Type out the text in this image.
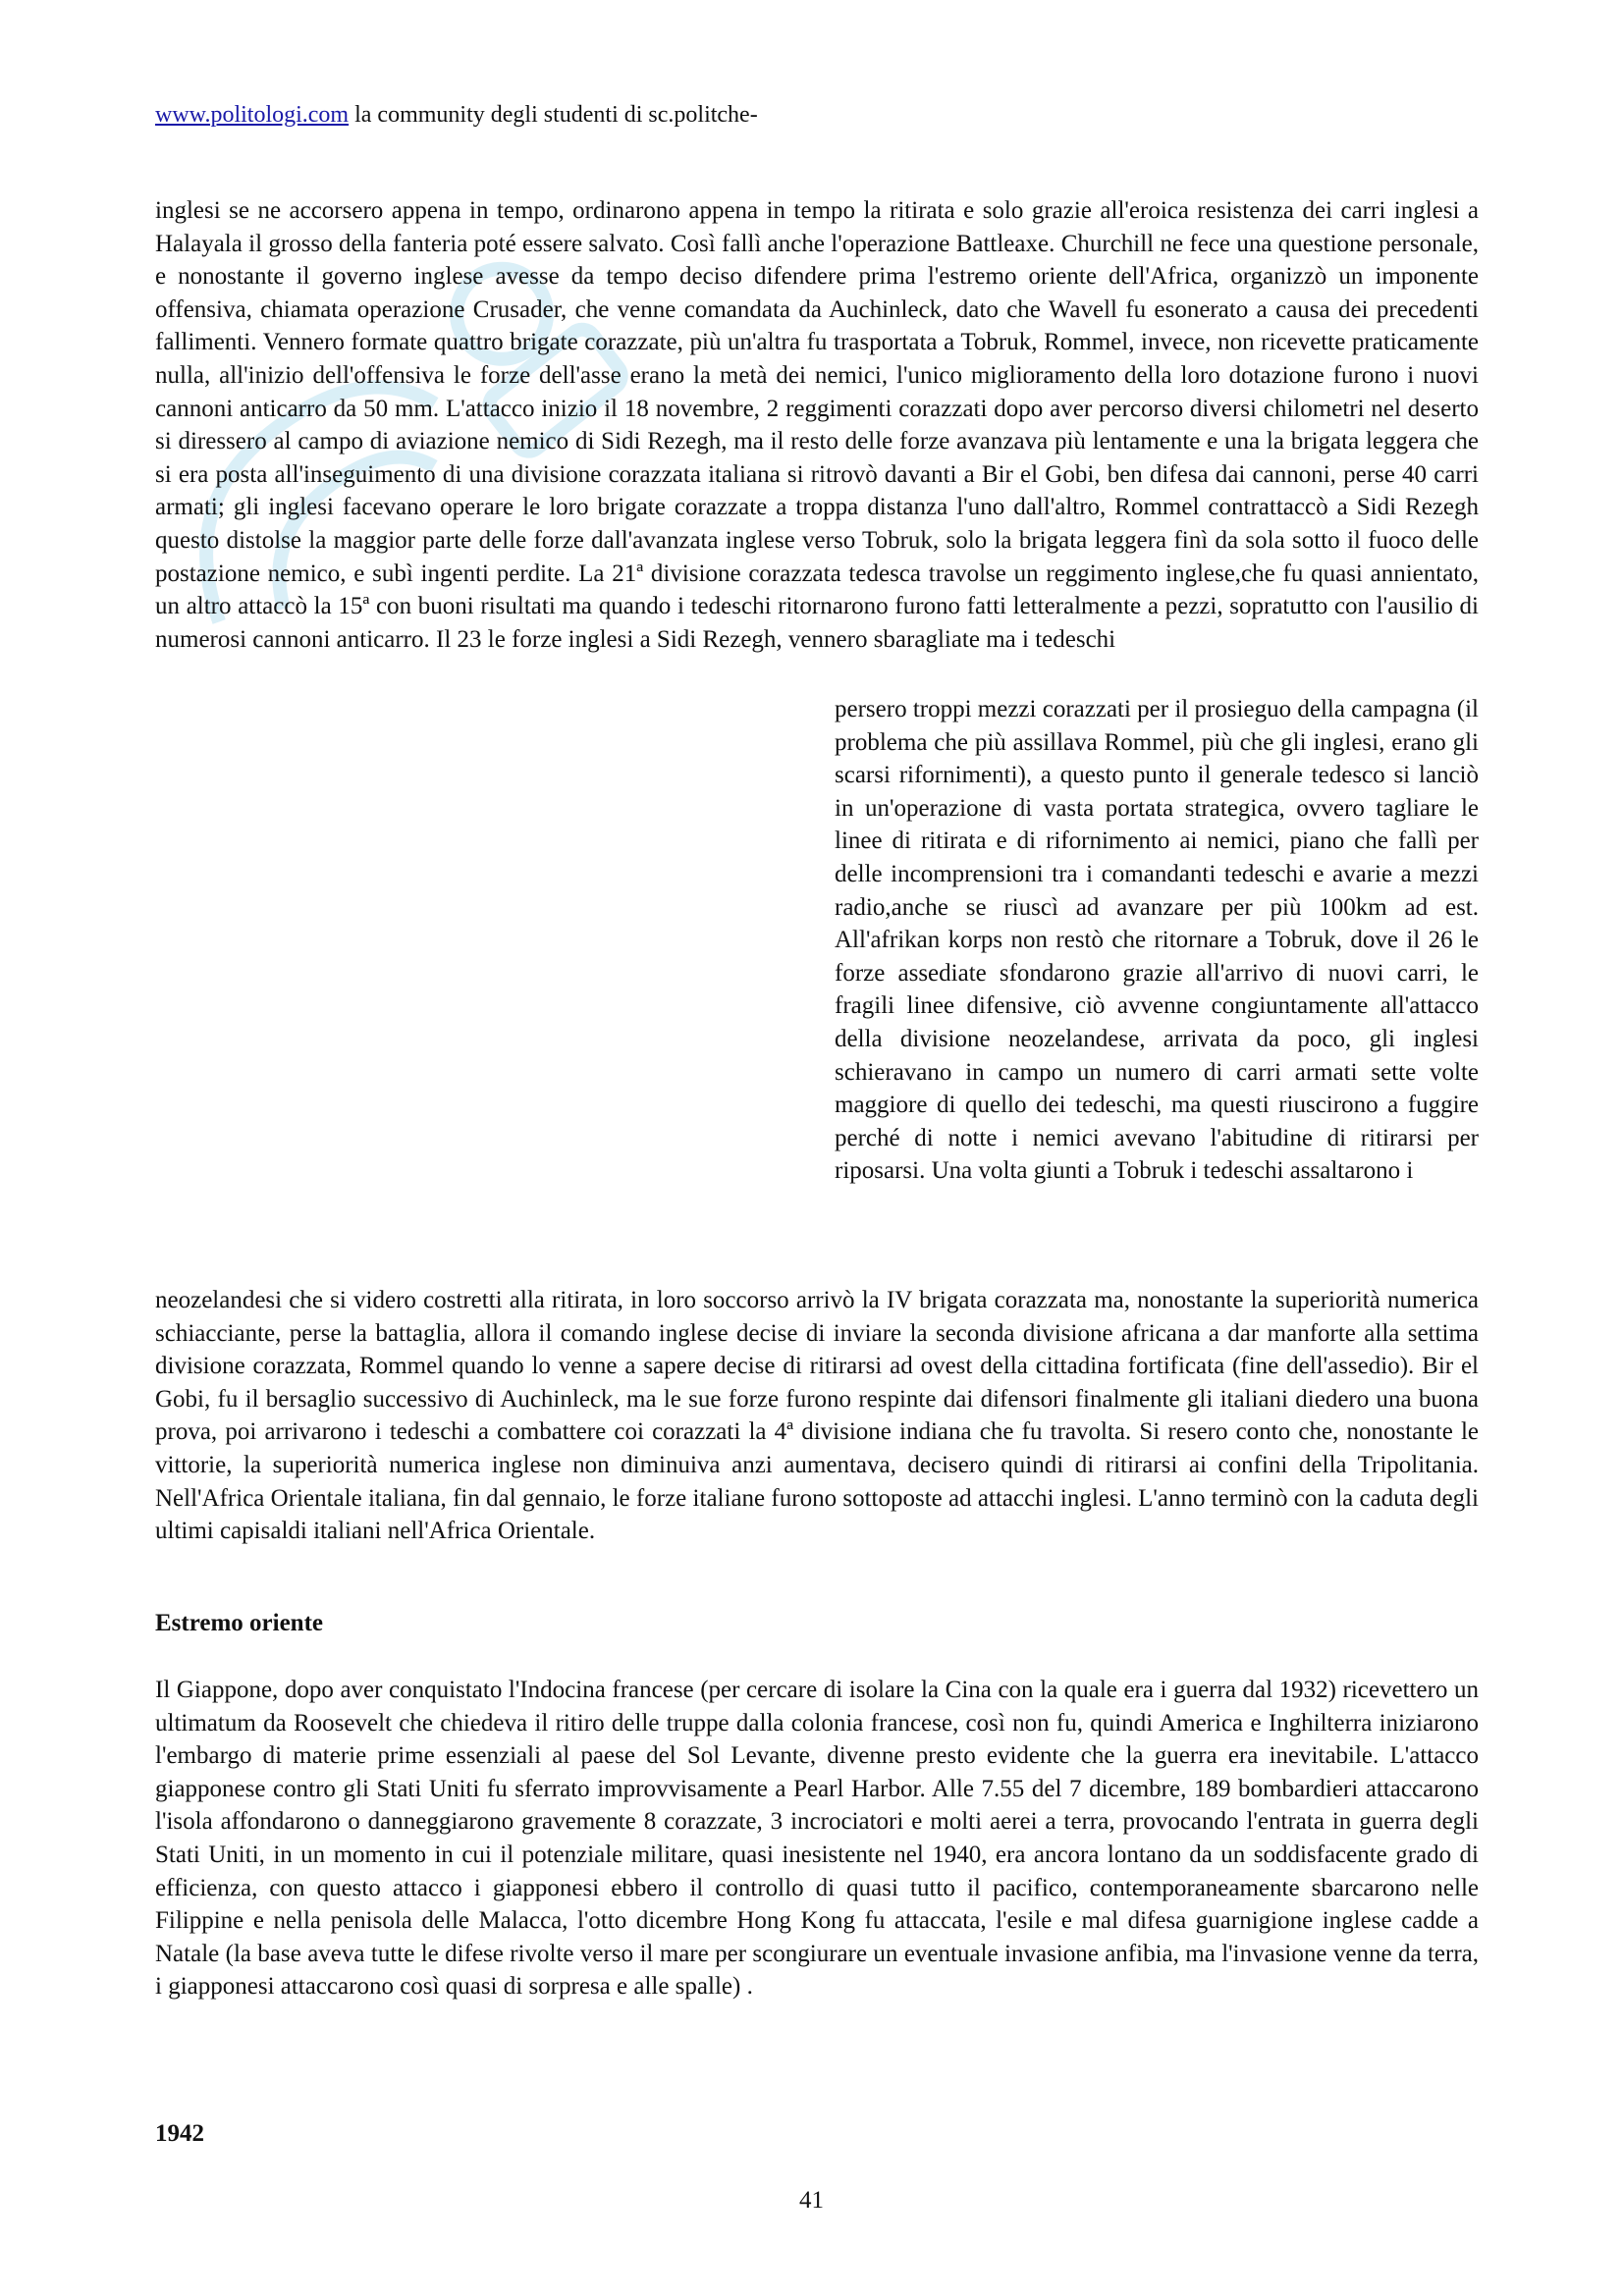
www.politologi.com la community degli studenti di sc.politche-

inglesi se ne accorsero appena in tempo, ordinarono appena in tempo la ritirata e solo grazie all'eroica resistenza dei carri inglesi a Halayala il grosso della fanteria poté essere salvato. Così fallì anche l'operazione Battleaxe. Churchill ne fece una questione personale, e nonostante il governo inglese avesse da tempo deciso difendere prima l'estremo oriente dell'Africa, organizzò un imponente offensiva, chiamata operazione Crusader, che venne comandata da Auchinleck, dato che Wavell fu esonerato a causa dei precedenti fallimenti. Vennero formate quattro brigate corazzate, più un'altra fu trasportata a Tobruk, Rommel, invece, non ricevette praticamente nulla, all'inizio dell'offensiva le forze dell'asse erano la metà dei nemici, l'unico miglioramento della loro dotazione furono i nuovi cannoni anticarro da 50 mm. L'attacco inizio il 18 novembre, 2 reggimenti corazzati dopo aver percorso diversi chilometri nel deserto si diressero al campo di aviazione nemico di Sidi Rezegh, ma il resto delle forze avanzava più lentamente e una la brigata leggera che si era posta all'inseguimento di una divisione corazzata italiana si ritrovò davanti a Bir el Gobi, ben difesa dai cannoni, perse 40 carri armati; gli inglesi facevano operare le loro brigate corazzate a troppa distanza l'uno dall'altro, Rommel contrattaccò a Sidi Rezegh questo distolse la maggior parte delle forze dall'avanzata inglese verso Tobruk, solo la brigata leggera finì da sola sotto il fuoco delle postazione nemico, e subì ingenti perdite. La 21ª divisione corazzata tedesca travolse un reggimento inglese,che fu quasi annientato, un altro attaccò la 15ª con buoni risultati ma quando i tedeschi ritornarono furono fatti letteralmente a pezzi, sopratutto con l'ausilio di numerosi cannoni anticarro. Il 23 le forze inglesi a Sidi Rezegh, vennero sbaragliate ma i tedeschi

persero troppi mezzi corazzati per il prosieguo della campagna (il problema che più assillava Rommel, più che gli inglesi, erano gli scarsi rifornimenti), a questo punto il generale tedesco si lanciò in un'operazione di vasta portata strategica, ovvero tagliare le linee di ritirata e di rifornimento ai nemici, piano che fallì per delle incomprensioni tra i comandanti tedeschi e avarie a mezzi radio,anche se riuscì ad avanzare per più 100km ad est. All'afrikan korps non restò che ritornare a Tobruk, dove il 26 le forze assediate sfondarono grazie all'arrivo di nuovi carri, le fragili linee difensive, ciò avvenne congiuntamente all'attacco della divisione neozelandese, arrivata da poco, gli inglesi schieravano in campo un numero di carri armati sette volte maggiore di quello dei tedeschi, ma questi riuscirono a fuggire perché di notte i nemici avevano l'abitudine di ritirarsi per riposarsi. Una volta giunti a Tobruk i tedeschi assaltarono i

neozelandesi che si videro costretti alla ritirata, in loro soccorso arrivò la IV brigata corazzata ma, nonostante la superiorità numerica schiacciante, perse la battaglia, allora il comando inglese decise di inviare la seconda divisione africana a dar manforte alla settima divisione corazzata, Rommel quando lo venne a sapere decise di ritirarsi ad ovest della cittadina fortificata (fine dell'assedio). Bir el Gobi, fu il bersaglio successivo di Auchinleck, ma le sue forze furono respinte dai difensori finalmente gli italiani diedero una buona prova, poi arrivarono i tedeschi a combattere coi corazzati la 4ª divisione indiana che fu travolta. Si resero conto che, nonostante le vittorie, la superiorità numerica inglese non diminuiva anzi aumentava, decisero quindi di ritirarsi ai confini della Tripolitania. Nell'Africa Orientale italiana, fin dal gennaio, le forze italiane furono sottoposte ad attacchi inglesi. L'anno terminò con la caduta degli ultimi capisaldi italiani nell'Africa Orientale.

Estremo oriente

Il Giappone, dopo aver conquistato l'Indocina francese (per cercare di isolare la Cina con la quale era i guerra dal 1932) ricevettero un ultimatum da Roosevelt che chiedeva il ritiro delle truppe dalla colonia francese, così non fu, quindi America e Inghilterra iniziarono l'embargo di materie prime essenziali al paese del Sol Levante, divenne presto evidente che la guerra era inevitabile. L'attacco giapponese contro gli Stati Uniti fu sferrato improvvisamente a Pearl Harbor. Alle 7.55 del 7 dicembre, 189 bombardieri attaccarono l'isola affondarono o danneggiarono gravemente 8 corazzate, 3 incrociatori e molti aerei a terra, provocando l'entrata in guerra degli Stati Uniti, in un momento in cui il potenziale militare, quasi inesistente nel 1940, era ancora lontano da un soddisfacente grado di efficienza, con questo attacco i giapponesi ebbero il controllo di quasi tutto il pacifico, contemporaneamente sbarcarono nelle Filippine e nella penisola delle Malacca, l'otto dicembre Hong Kong fu attaccata, l'esile e mal difesa guarnigione inglese cadde a Natale (la base aveva tutte le difese rivolte verso il mare per scongiurare un eventuale invasione anfibia, ma l'invasione venne da terra, i giapponesi attaccarono così quasi di sorpresa e alle spalle) .

1942
41
